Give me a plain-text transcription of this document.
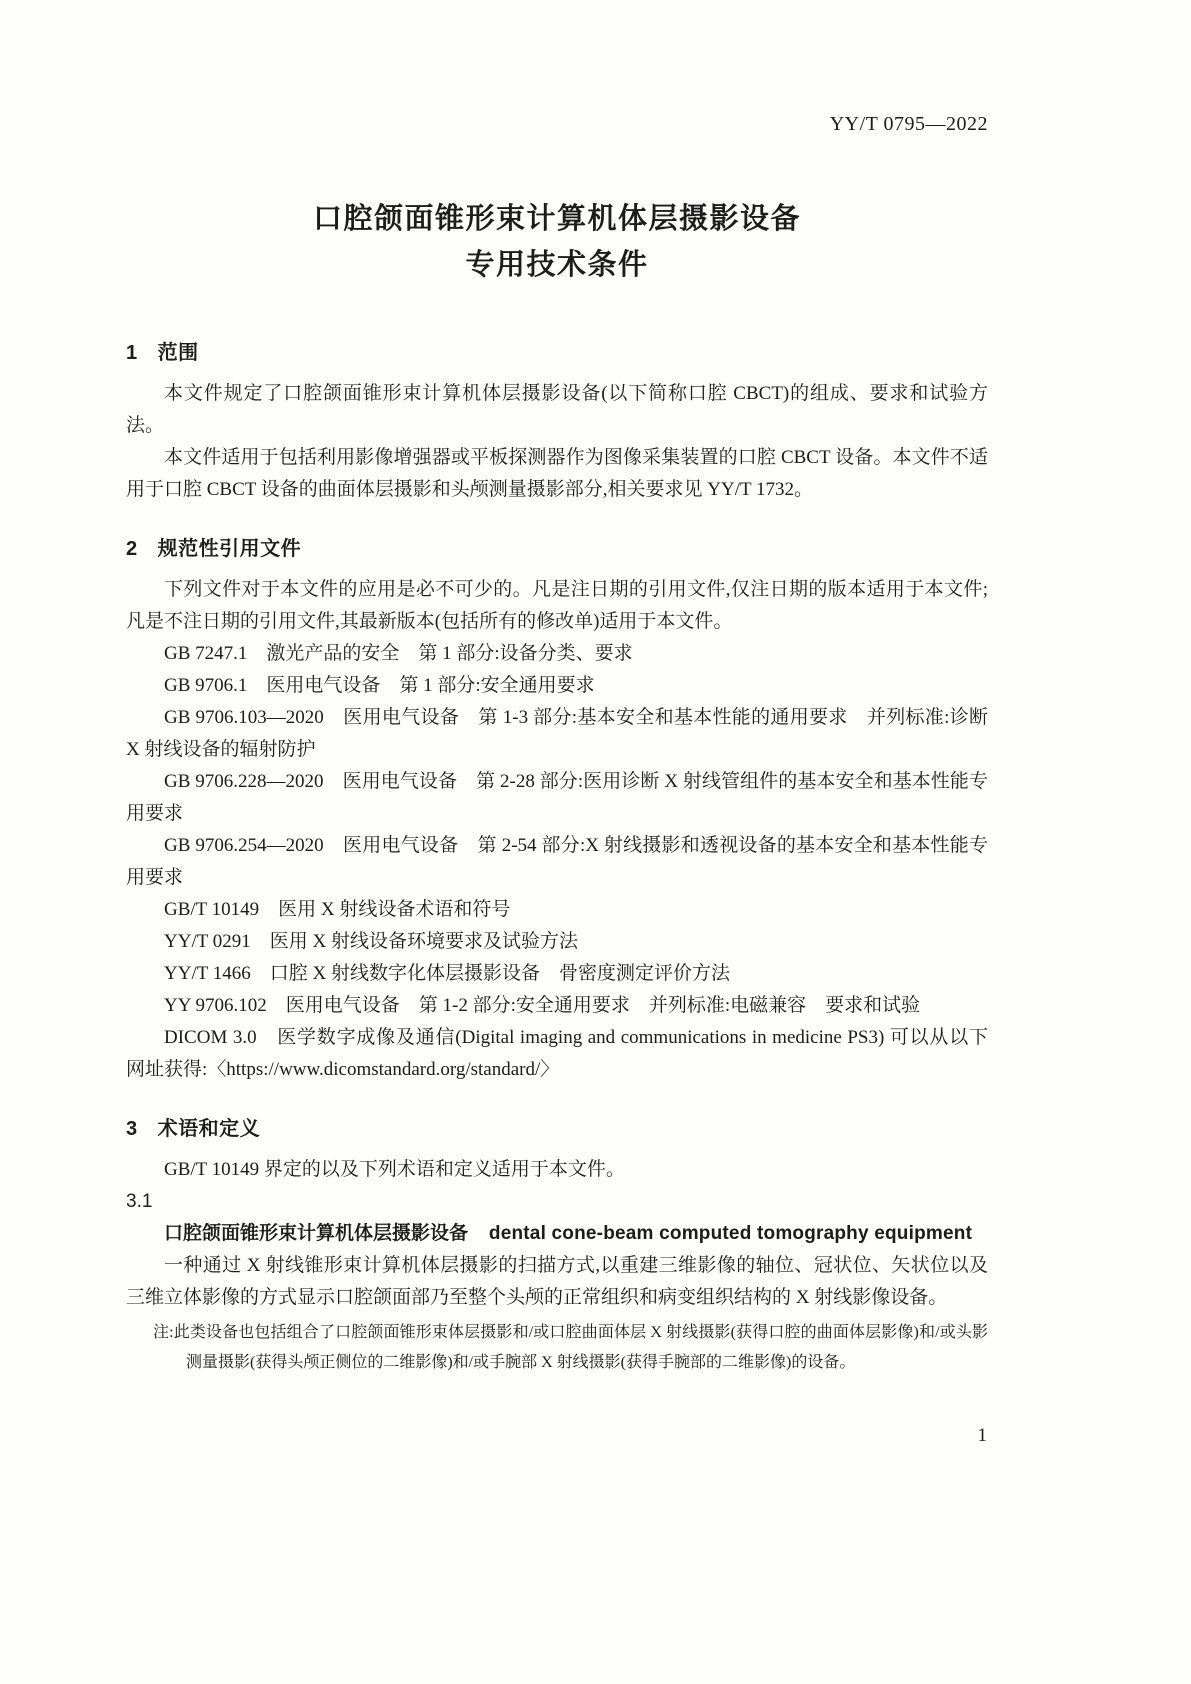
YY/T 0795—2022
口腔颌面锥形束计算机体层摄影设备
专用技术条件
1 范围

本文件规定了口腔颌面锥形束计算机体层摄影设备(以下简称口腔 CBCT)的组成、要求和试验方法。

本文件适用于包括利用影像增强器或平板探测器作为图像采集装置的口腔 CBCT 设备。本文件不适用于口腔 CBCT 设备的曲面体层摄影和头颅测量摄影部分,相关要求见 YY/T 1732。

2 规范性引用文件

下列文件对于本文件的应用是必不可少的。凡是注日期的引用文件,仅注日期的版本适用于本文件;凡是不注日期的引用文件,其最新版本(包括所有的修改单)适用于本文件。

GB 7247.1　激光产品的安全　第 1 部分:设备分类、要求

GB 9706.1　医用电气设备　第 1 部分:安全通用要求

GB 9706.103—2020　医用电气设备　第 1-3 部分:基本安全和基本性能的通用要求　并列标准:诊断 X 射线设备的辐射防护

GB 9706.228—2020　医用电气设备　第 2-28 部分:医用诊断 X 射线管组件的基本安全和基本性能专用要求

GB 9706.254—2020　医用电气设备　第 2-54 部分:X 射线摄影和透视设备的基本安全和基本性能专用要求

GB/T 10149　医用 X 射线设备术语和符号

YY/T 0291　医用 X 射线设备环境要求及试验方法

YY/T 1466　口腔 X 射线数字化体层摄影设备　骨密度测定评价方法

YY 9706.102　医用电气设备　第 1-2 部分:安全通用要求　并列标准:电磁兼容　要求和试验

DICOM 3.0　医学数字成像及通信(Digital imaging and communications in medicine PS3) 可以从以下网址获得:〈https://www.dicomstandard.org/standard/〉

3 术语和定义

GB/T 10149 界定的以及下列术语和定义适用于本文件。

3.1

口腔颌面锥形束计算机体层摄影设备 dental cone-beam computed tomography equipment

一种通过 X 射线锥形束计算机体层摄影的扫描方式,以重建三维影像的轴位、冠状位、矢状位以及三维立体影像的方式显示口腔颌面部乃至整个头颅的正常组织和病变组织结构的 X 射线影像设备。

注:此类设备也包括组合了口腔颌面锥形束体层摄影和/或口腔曲面体层 X 射线摄影(获得口腔的曲面体层影像)和/或头影测量摄影(获得头颅正侧位的二维影像)和/或手腕部 X 射线摄影(获得手腕部的二维影像)的设备。

1
